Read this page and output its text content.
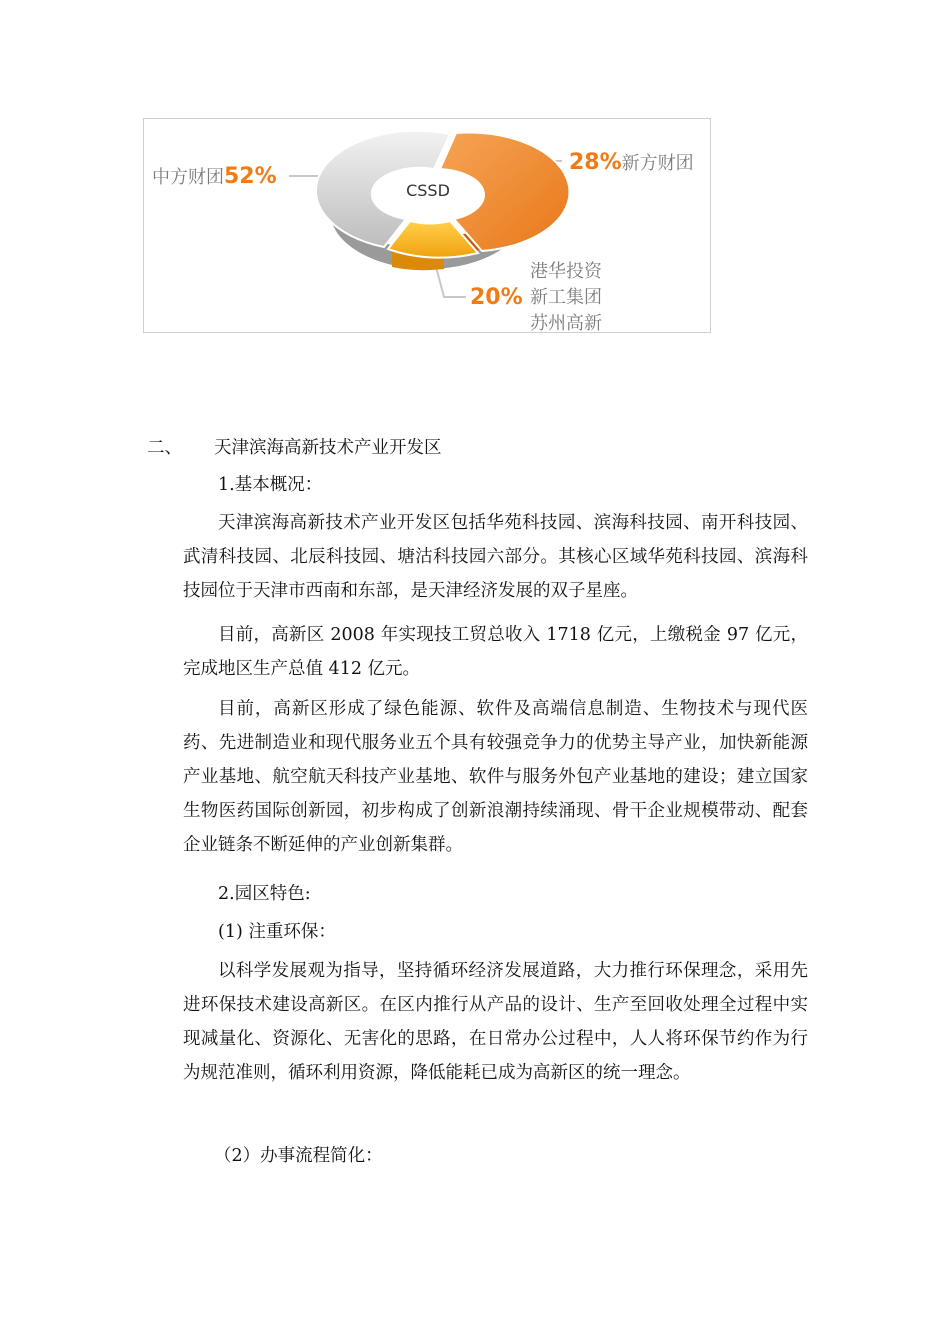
CSSD
中方财团52%
28%新方财团
20%
港华投资
新工集团
苏州高新
二、 天津滨海高新技术产业开发区
1.基本概况：

天津滨海高新技术产业开发区包括华苑科技园、滨海科技园、南开科技园、武清科技园、北辰科技园、塘沽科技园六部分。其核心区域华苑科技园、滨海科技园位于天津市西南和东部，是天津经济发展的双子星座。

目前，高新区 2008 年实现技工贸总收入 1718 亿元，上缴税金 97 亿元，完成地区生产总值 412 亿元。

目前，高新区形成了绿色能源、软件及高端信息制造、生物技术与现代医药、先进制造业和现代服务业五个具有较强竞争力的优势主导产业，加快新能源产业基地、航空航天科技产业基地、软件与服务外包产业基地的建设；建立国家生物医药国际创新园，初步构成了创新浪潮持续涌现、骨干企业规模带动、配套企业链条不断延伸的产业创新集群。

2.园区特色:
(1) 注重环保：

以科学发展观为指导，坚持循环经济发展道路，大力推行环保理念，采用先进环保技术建设高新区。在区内推行从产品的设计、生产至回收处理全过程中实现减量化、资源化、无害化的思路，在日常办公过程中，人人将环保节约作为行为规范准则，循环利用资源，降低能耗已成为高新区的统一理念。

（2）办事流程简化：
